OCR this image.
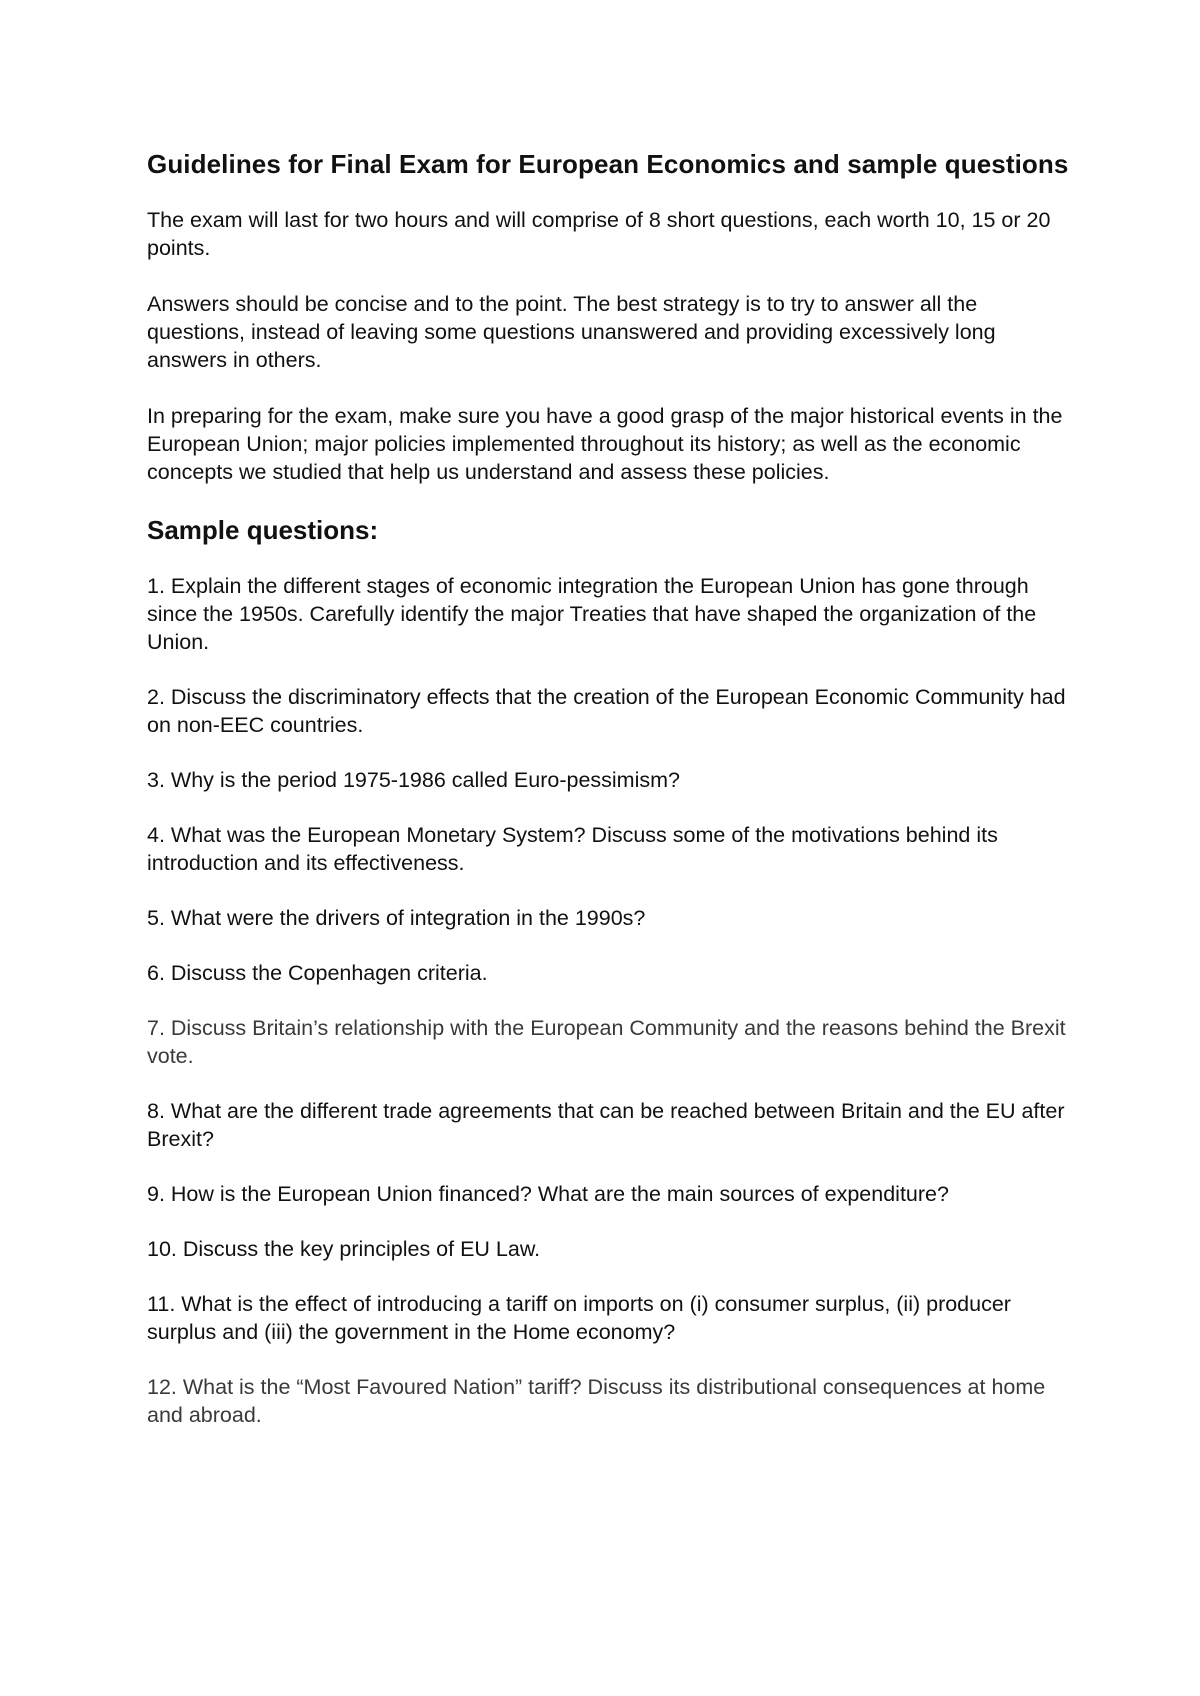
Guidelines for Final Exam for European Economics and sample questions

The exam will last for two hours and will comprise of 8 short questions, each worth 10, 15 or 20 points.

Answers should be concise and to the point. The best strategy is to try to answer all the questions, instead of leaving some questions unanswered and providing excessively long answers in others.

In preparing for the exam, make sure you have a good grasp of the major historical events in the European Union; major policies implemented throughout its history; as well as the economic concepts we studied that help us understand and assess these policies.

Sample questions:

1. Explain the different stages of economic integration the European Union has gone through since the 1950s. Carefully identify the major Treaties that have shaped the organization of the Union.

2. Discuss the discriminatory effects that the creation of the European Economic Community had on non-EEC countries.

3. Why is the period 1975-1986 called Euro-pessimism?

4. What was the European Monetary System? Discuss some of the motivations behind its introduction and its effectiveness.

5. What were the drivers of integration in the 1990s?

6. Discuss the Copenhagen criteria.

7. Discuss Britain’s relationship with the European Community and the reasons behind the Brexit vote.

8. What are the different trade agreements that can be reached between Britain and the EU after Brexit?

9. How is the European Union financed? What are the main sources of expenditure?

10. Discuss the key principles of EU Law.

11. What is the effect of introducing a tariff on imports on (i) consumer surplus, (ii) producer surplus and (iii) the government in the Home economy?

12. What is the “Most Favoured Nation” tariff? Discuss its distributional consequences at home and abroad.
